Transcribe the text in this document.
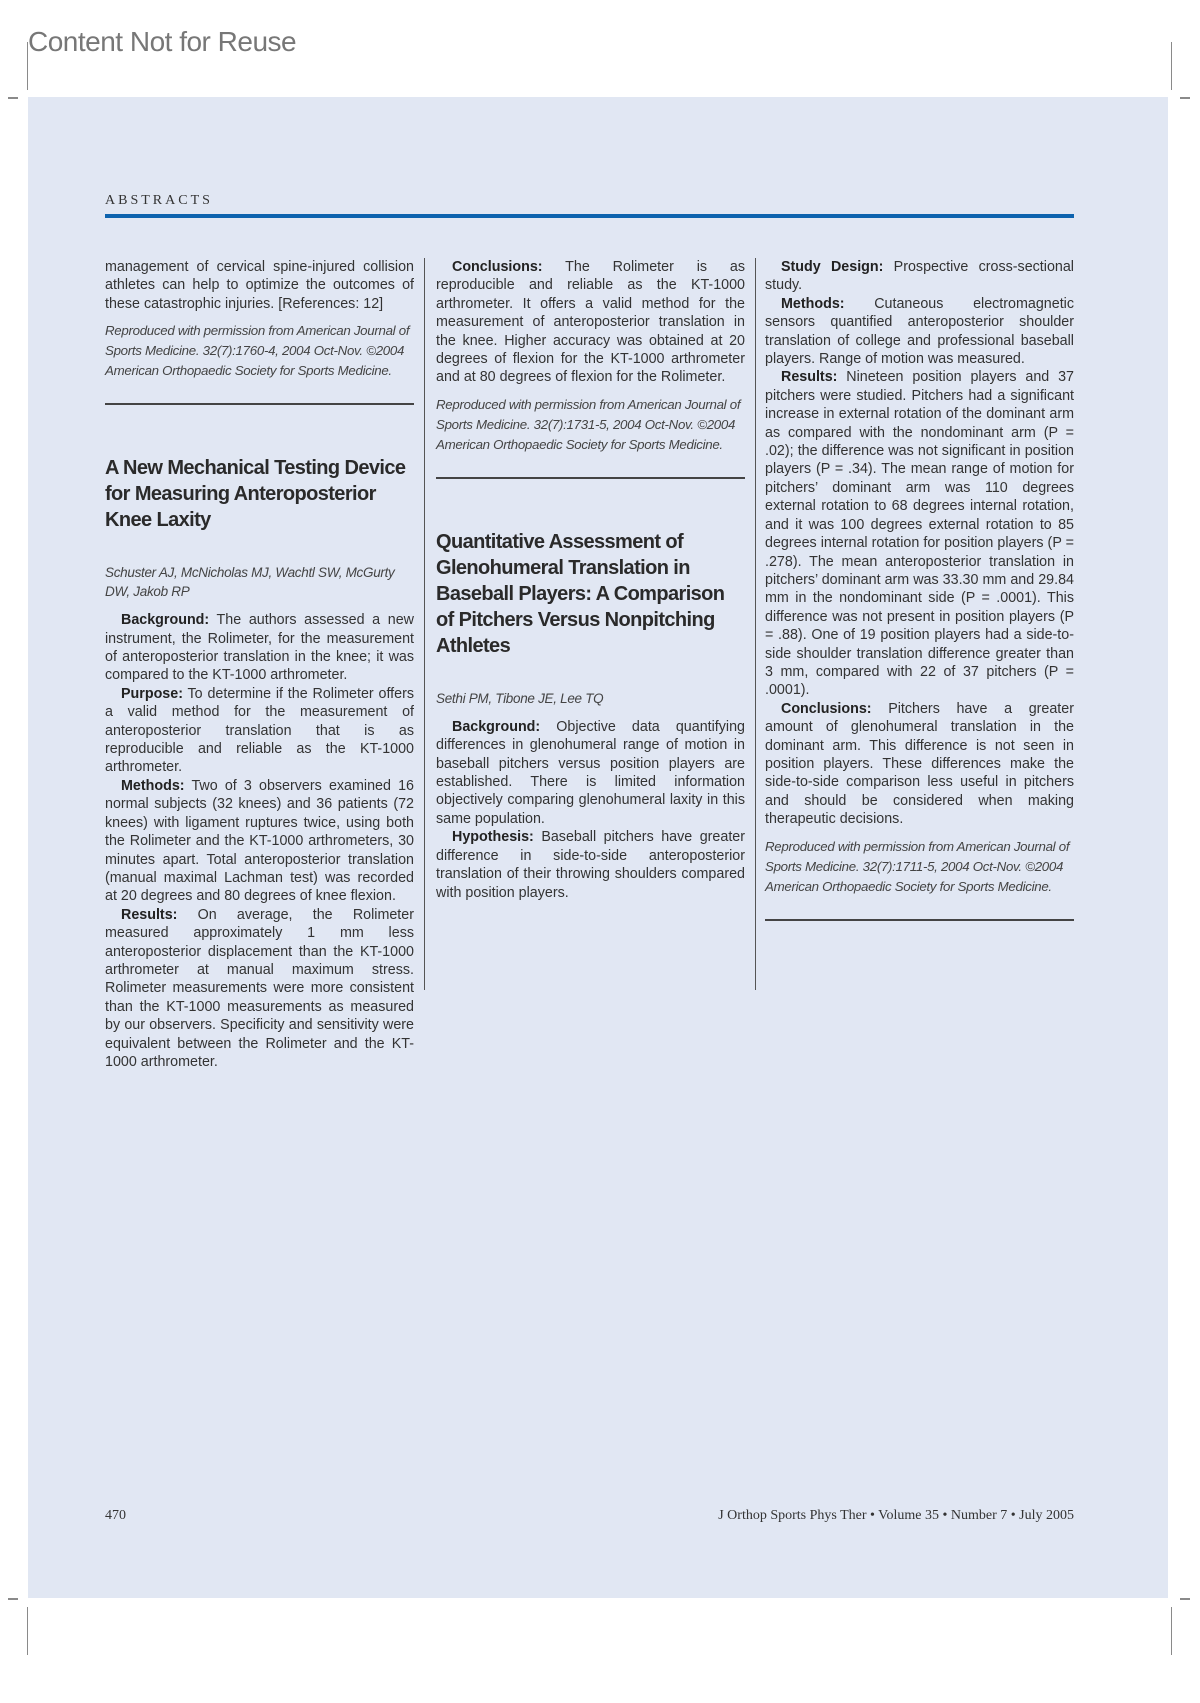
Content Not for Reuse
ABSTRACTS

management of cervical spine-injured collision athletes can help to optimize the outcomes of these catastrophic injuries. [References: 12]

Reproduced with permission from American Journal of Sports Medicine. 32(7):1760-4, 2004 Oct-Nov. ©2004 American Orthopaedic Society for Sports Medicine.

A New Mechanical Testing Device for Measuring Anteroposterior Knee Laxity
Schuster AJ, McNicholas MJ, Wachtl SW, McGurty DW, Jakob RP

Background: The authors assessed a new instrument, the Rolimeter, for the measurement of anteroposterior translation in the knee; it was compared to the KT-1000 arthrometer.

Purpose: To determine if the Rolimeter offers a valid method for the measurement of anteroposterior translation that is as reproducible and reliable as the KT-1000 arthrometer.

Methods: Two of 3 observers examined 16 normal subjects (32 knees) and 36 patients (72 knees) with ligament ruptures twice, using both the Rolimeter and the KT-1000 arthrometers, 30 minutes apart. Total anteroposterior translation (manual maximal Lachman test) was recorded at 20 degrees and 80 degrees of knee flexion.

Results: On average, the Rolimeter measured approximately 1 mm less anteroposterior displacement than the KT-1000 arthrometer at manual maximum stress. Rolimeter measurements were more consistent than the KT-1000 measurements as measured by our observers. Specificity and sensitivity were equivalent between the Rolimeter and the KT-1000 arthrometer.

Conclusions: The Rolimeter is as reproducible and reliable as the KT-1000 arthrometer. It offers a valid method for the measurement of anteroposterior translation in the knee. Higher accuracy was obtained at 20 degrees of flexion for the KT-1000 arthrometer and at 80 degrees of flexion for the Rolimeter.

Reproduced with permission from American Journal of Sports Medicine. 32(7):1731-5, 2004 Oct-Nov. ©2004 American Orthopaedic Society for Sports Medicine.

Quantitative Assessment of Glenohumeral Translation in Baseball Players: A Comparison of Pitchers Versus Nonpitching Athletes
Sethi PM, Tibone JE, Lee TQ

Background: Objective data quantifying differences in glenohumeral range of motion in baseball pitchers versus position players are established. There is limited information objectively comparing glenohumeral laxity in this same population.

Hypothesis: Baseball pitchers have greater difference in side-to-side anteroposterior translation of their throwing shoulders compared with position players.

Study Design: Prospective cross-sectional study.

Methods: Cutaneous electromagnetic sensors quantified anteroposterior shoulder translation of college and professional baseball players. Range of motion was measured.

Results: Nineteen position players and 37 pitchers were studied. Pitchers had a significant increase in external rotation of the dominant arm as compared with the nondominant arm (P = .02); the difference was not significant in position players (P = .34). The mean range of motion for pitchers’ dominant arm was 110 degrees external rotation to 68 degrees internal rotation, and it was 100 degrees external rotation to 85 degrees internal rotation for position players (P = .278). The mean anteroposterior translation in pitchers’ dominant arm was 33.30 mm and 29.84 mm in the nondominant side (P = .0001). This difference was not present in position players (P = .88). One of 19 position players had a side-to-side shoulder translation difference greater than 3 mm, compared with 22 of 37 pitchers (P = .0001).

Conclusions: Pitchers have a greater amount of glenohumeral translation in the dominant arm. This difference is not seen in position players. These differences make the side-to-side comparison less useful in pitchers and should be considered when making therapeutic decisions.

Reproduced with permission from American Journal of Sports Medicine. 32(7):1711-5, 2004 Oct-Nov. ©2004 American Orthopaedic Society for Sports Medicine.

470	J Orthop Sports Phys Ther • Volume 35 • Number 7 • July 2005
